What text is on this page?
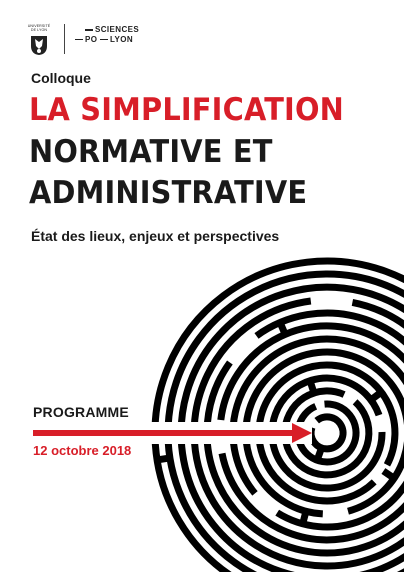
UNIVERSITÉ
DE LYON	SCIENCES
PO LYON
Colloque
LA SIMPLIFICATION
NORMATIVE ET
ADMINISTRATIVE
État des lieux, enjeux et perspectives
PROGRAMME
12 octobre 2018
